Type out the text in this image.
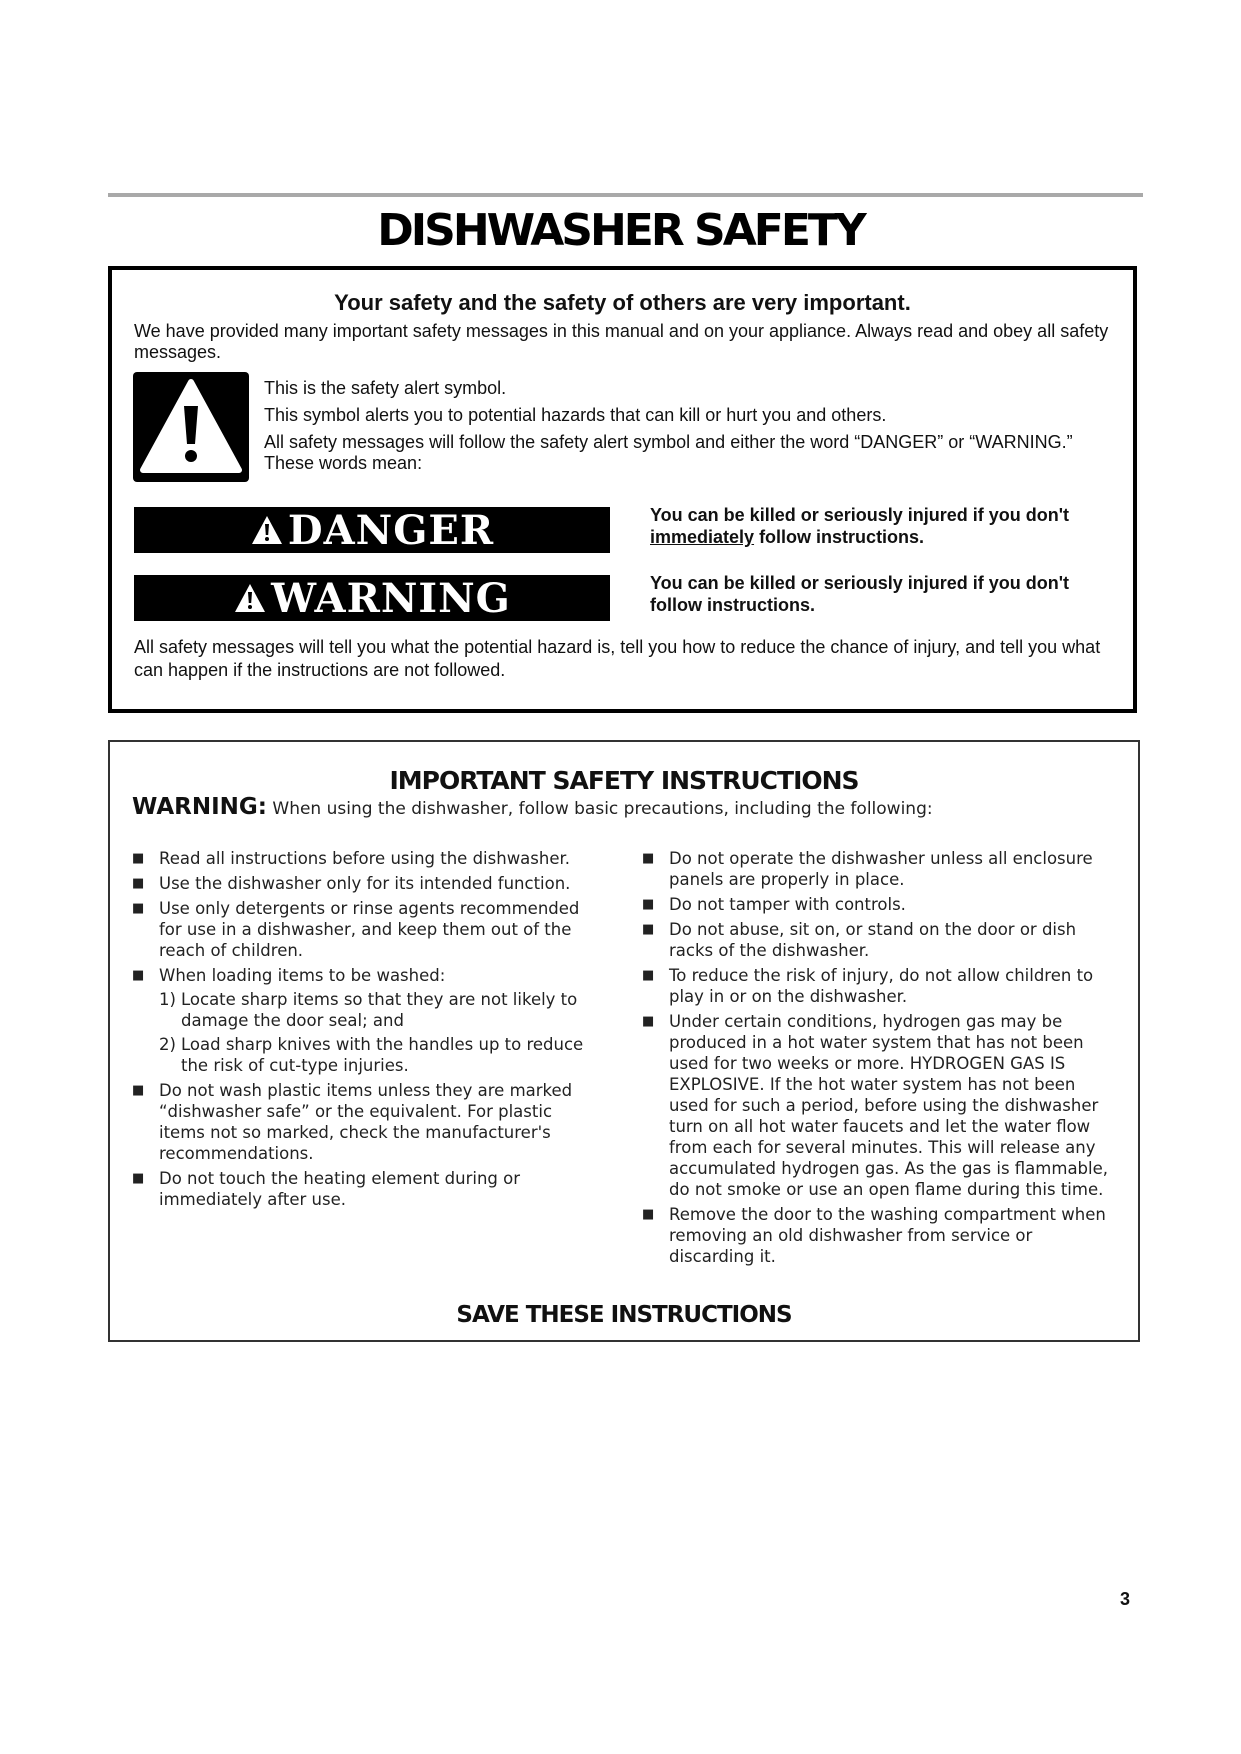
DISHWASHER SAFETY
Your safety and the safety of others are very important.

We have provided many important safety messages in this manual and on your appliance. Always read and obey all safety messages.

This is the safety alert symbol.

This symbol alerts you to potential hazards that can kill or hurt you and others.

All safety messages will follow the safety alert symbol and either the word “DANGER” or “WARNING.” These words mean:

DANGER	You can be killed or seriously injured if you don't immediately follow instructions.

WARNING	You can be killed or seriously injured if you don't follow instructions.

All safety messages will tell you what the potential hazard is, tell you how to reduce the chance of injury, and tell you what can happen if the instructions are not followed.

IMPORTANT SAFETY INSTRUCTIONS

WARNING: When using the dishwasher, follow basic precautions, including the following:

■ Read all instructions before using the dishwasher.
■ Use the dishwasher only for its intended function.
■ Use only detergents or rinse agents recommended for use in a dishwasher, and keep them out of the reach of children.
■ When loading items to be washed:
1) Locate sharp items so that they are not likely to damage the door seal; and
2) Load sharp knives with the handles up to reduce the risk of cut-type injuries.
■ Do not wash plastic items unless they are marked “dishwasher safe” or the equivalent. For plastic items not so marked, check the manufacturer's recommendations.
■ Do not touch the heating element during or immediately after use.
■ Do not operate the dishwasher unless all enclosure panels are properly in place.
■ Do not tamper with controls.
■ Do not abuse, sit on, or stand on the door or dish racks of the dishwasher.
■ To reduce the risk of injury, do not allow children to play in or on the dishwasher.
■ Under certain conditions, hydrogen gas may be produced in a hot water system that has not been used for two weeks or more. HYDROGEN GAS IS EXPLOSIVE. If the hot water system has not been used for such a period, before using the dishwasher turn on all hot water faucets and let the water flow from each for several minutes. This will release any accumulated hydrogen gas. As the gas is flammable, do not smoke or use an open flame during this time.
■ Remove the door to the washing compartment when removing an old dishwasher from service or discarding it.
SAVE THESE INSTRUCTIONS
3
